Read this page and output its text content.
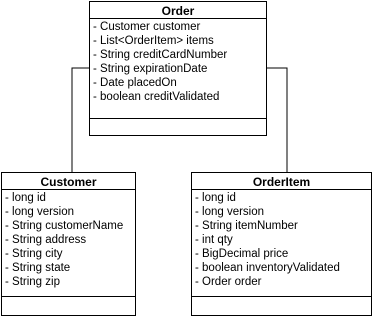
Order
- Customer customer
- List<OrderItem> items
- String creditCardNumber
- String expirationDate
- Date placedOn
- boolean creditValidated
Customer
- long id
- long version
- String customerName
- String address
- String city
- String state
- String zip
OrderItem
- long id
- long version
- String itemNumber
- int qty
- BigDecimal price
- boolean inventoryValidated
- Order order
